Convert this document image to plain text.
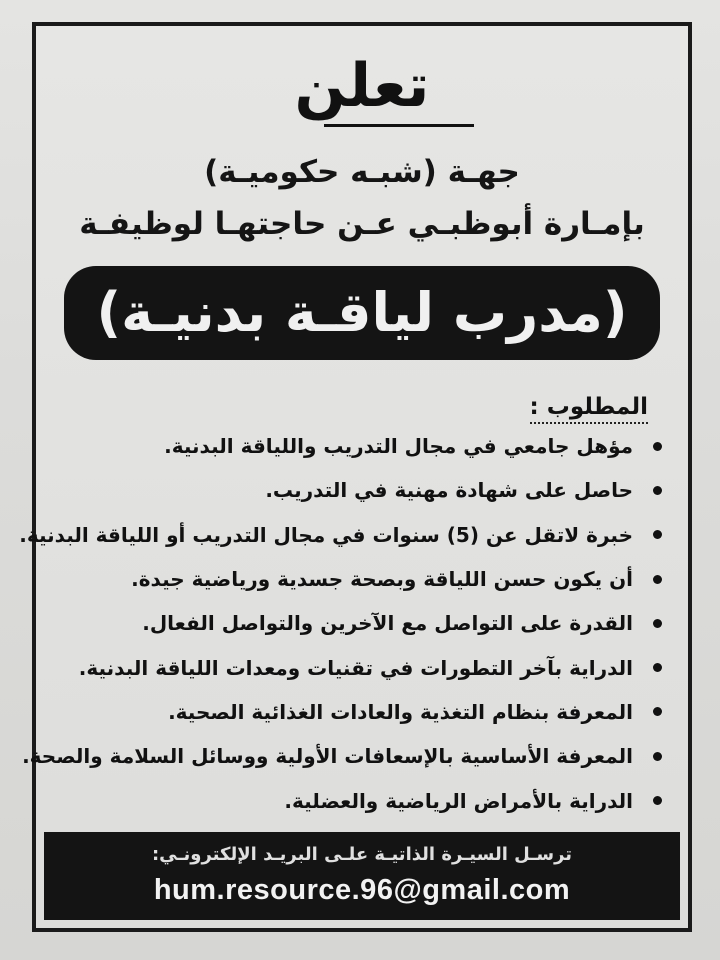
تعلن
جهـة (شبـه حكوميـة)
بإمـارة أبوظبـي عـن حاجتهـا لوظيفـة
(مدرب لياقـة بدنيـة)
المطلوب :
مؤهل جامعي في مجال التدريب واللياقة البدنية.
حاصل على شهادة مهنية في التدريب.
خبرة لاتقل عن (5) سنوات في مجال التدريب أو اللياقة البدنية.
أن يكون حسن اللياقة وبصحة جسدية ورياضية جيدة.
القدرة على التواصل مع الآخرين والتواصل الفعال.
الدراية بآخر التطورات في تقنيات ومعدات اللياقة البدنية.
المعرفة بنظام التغذية والعادات الغذائية الصحية.
المعرفة الأساسية بالإسعافات الأولية ووسائل السلامة والصحة.
الدراية بالأمراض الرياضية والعضلية.
ترسـل السيـرة الذاتيـة علـى البريـد الإلكترونـي:
hum.resource.96@gmail.com
